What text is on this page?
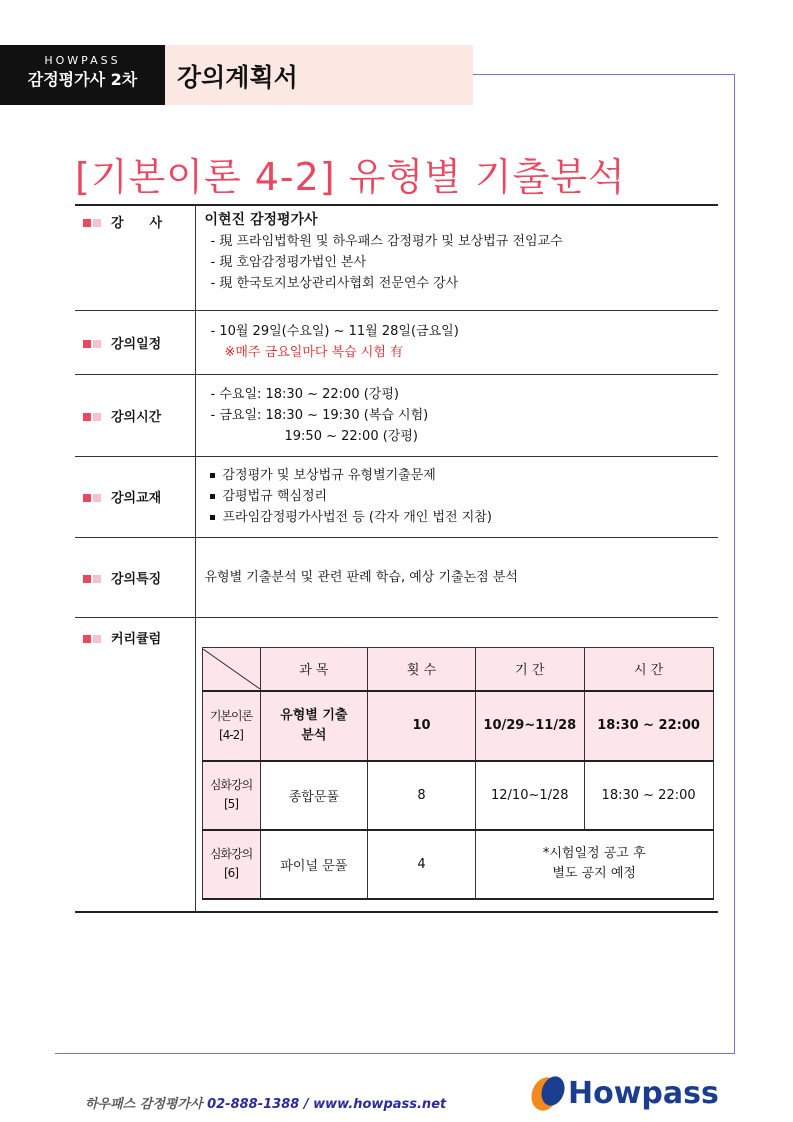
HOWPASS
감정평가사 2차	강의계획서
[기본이론 4-2] 유형별 기출분석
강　　사	이현진 감정평가사
- 現 프라임법학원 및 하우패스 감정평가 및 보상법규 전임교수
- 現 호암감정평가법인 본사
- 現 한국토지보상관리사협회 전문연수 강사

강의일정	
- 10월 29일(수요일) ~ 11월 28일(금요일)
※매주 금요일마다 복습 시험 有

강의시간	
- 수요일: 18:30 ~ 22:00 (강평)
- 금요일: 18:30 ~ 19:30 (복습 시험)
19:50 ~ 22:00 (강평)

강의교재	
감정평가 및 보상법규 유형별기출문제
감평법규 핵심정리
프라임감정평가사법전 등 (각자 개인 법전 지참)

강의특징	유형별 기출분석 및 관련 판례 학습, 예상 기출논점 분석
커리큘럼	
	과 목	횟 수	기 간	시 간

기본이론
[4-2]

유형별 기출
분석
	10	10/29~11/28	18:30 ~ 22:00

심화강의
[5]	종합문풀	8	12/10~1/28	18:30 ~ 22:00

심화강의
[6]	파이널 문풀	4	
*시험일정 공고 후
별도 공지 예정
하우패스 감정평가사 02-888-1388 / www.howpass.net	Howpass
